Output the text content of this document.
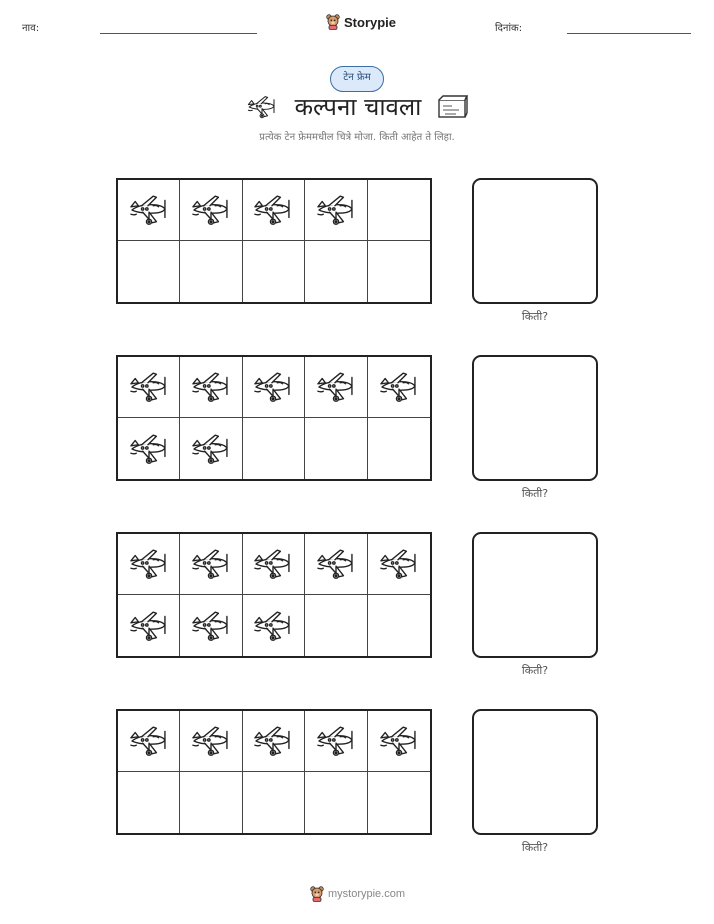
नाव:	Storypie	दिनांक:
टेन फ्रेम
कल्पना चावला
प्रत्येक टेन फ्रेममधील चित्रे मोजा. किती आहेत ते लिहा.
किती?
किती?
किती?
किती?
mystorypie.com
